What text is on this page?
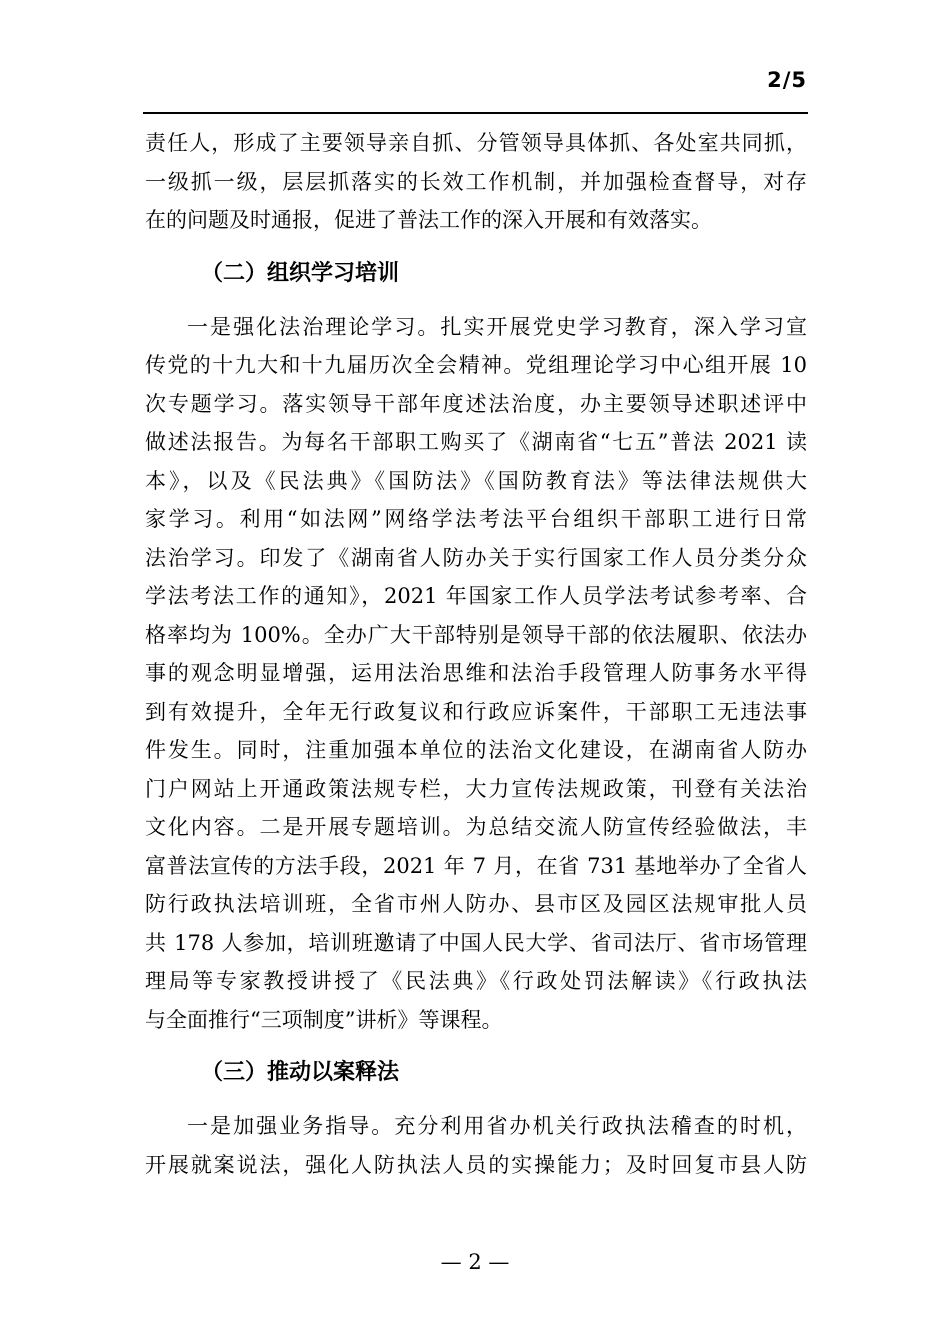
2/5
责任人，形成了主要领导亲自抓、分管领导具体抓、各处室共同抓，
一级抓一级，层层抓落实的长效工作机制，并加强检查督导，对存
在的问题及时通报，促进了普法工作的深入开展和有效落实。
（二）组织学习培训
一是强化法治理论学习。扎实开展党史学习教育，深入学习宣
传党的十九大和十九届历次全会精神。党组理论学习中心组开展 10
次专题学习。落实领导干部年度述法治度，办主要领导述职述评中
做述法报告。为每名干部职工购买了《湖南省“七五”普法 2021 读
本》，以及《民法典》《国防法》《国防教育法》等法律法规供大
家学习。利用“如法网”网络学法考法平台组织干部职工进行日常
法治学习。印发了《湖南省人防办关于实行国家工作人员分类分众
学法考法工作的通知》，2021 年国家工作人员学法考试参考率、合
格率均为 100%。全办广大干部特别是领导干部的依法履职、依法办
事的观念明显增强，运用法治思维和法治手段管理人防事务水平得
到有效提升，全年无行政复议和行政应诉案件，干部职工无违法事
件发生。同时，注重加强本单位的法治文化建设，在湖南省人防办
门户网站上开通政策法规专栏，大力宣传法规政策，刊登有关法治
文化内容。二是开展专题培训。为总结交流人防宣传经验做法，丰
富普法宣传的方法手段，2021 年 7 月，在省 731 基地举办了全省人
防行政执法培训班，全省市州人防办、县市区及园区法规审批人员
共 178 人参加，培训班邀请了中国人民大学、省司法厅、省市场管理
理局等专家教授讲授了《民法典》《行政处罚法解读》《行政执法
与全面推行“三项制度”讲析》等课程。
（三）推动以案释法
一是加强业务指导。充分利用省办机关行政执法稽查的时机，
开展就案说法，强化人防执法人员的实操能力；及时回复市县人防
— 2 —
